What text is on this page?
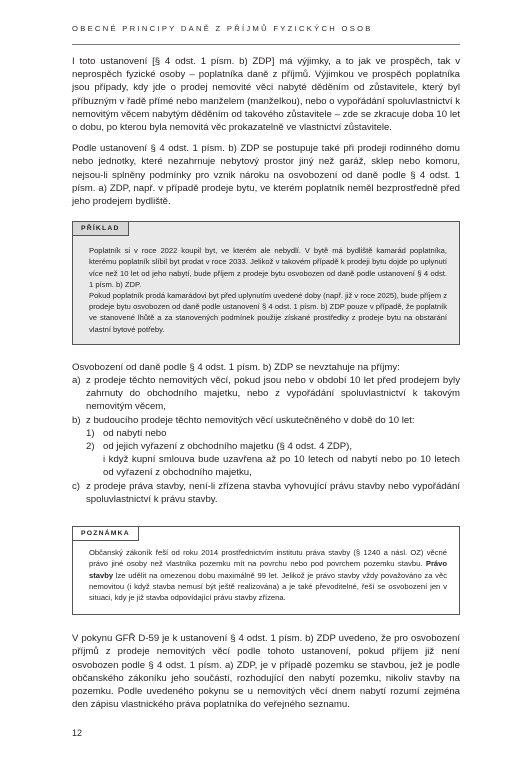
OBECNÉ PRINCIPY DANĚ Z PŘÍJMŮ FYZICKÝCH OSOB

I toto ustanovení [§ 4 odst. 1 písm. b) ZDP] má výjimky, a to jak ve prospěch, tak v neprospěch fyzické osoby – poplatníka daně z příjmů. Výjimkou ve prospěch poplatníka jsou případy, kdy jde o prodej nemovité věci nabyté děděním od zůstavitele, který byl příbuzným v řadě přímé nebo manželem (manželkou), nebo o vypořádání spoluvlastnictví k nemovitým věcem nabytým děděním od takového zůstavitele – zde se zkracuje doba 10 let o dobu, po kterou byla nemovitá věc prokazatelně ve vlastnictví zůstavitele.

Podle ustanovení § 4 odst. 1 písm. b) ZDP se postupuje také při prodeji rodinného domu nebo jednotky, které nezahrnuje nebytový prostor jiný než garáž, sklep nebo komoru, nejsou-li splněny podmínky pro vznik nároku na osvobození od daně podle § 4 odst. 1 písm. a) ZDP, např. v případě prodeje bytu, ve kterém poplatník neměl bezprostředně před jeho prodejem bydliště.

PŘÍKLAD

Poplatník si v roce 2022 koupil byt, ve kterém ale nebydlí. V bytě má bydliště kamarád poplatníka, kterému poplatník slíbil byt prodat v roce 2033. Jelikož v takovém případě k prodeji bytu dojde po uplynutí více než 10 let od jeho nabytí, bude příjem z prodeje bytu osvobozen od daně podle ustanovení § 4 odst. 1 písm. b) ZDP.

Pokud poplatník prodá kamarádovi byt před uplynutím uvedené doby (např. již v roce 2025), bude příjem z prodeje bytu osvobozen od daně podle ustanovení § 4 odst. 1 písm. b) ZDP pouze v případě, že poplatník ve stanovené lhůtě a za stanovených podmínek použije získané prostředky z prodeje bytu na obstarání vlastní bytové potřeby.

Osvobození od daně podle § 4 odst. 1 písm. b) ZDP se nevztahuje na příjmy:

a) z prodeje těchto nemovitých věcí, pokud jsou nebo v období 10 let před prodejem byly zahrnuty do obchodního majetku, nebo z vypořádání spoluvlastnictví k takovým nemovitým věcem,
b) z budoucího prodeje těchto nemovitých věcí uskutečněného v době do 10 let:
1) od nabytí nebo
2) od jejich vyřazení z obchodního majetku (§ 4 odst. 4 ZDP),
i když kupní smlouva bude uzavřena až po 10 letech od nabytí nebo po 10 letech od vyřazení z obchodního majetku,
c) z prodeje práva stavby, není-li zřízena stavba vyhovující právu stavby nebo vypořádání spoluvlastnictví k právu stavby.
POZNÁMKA

Občanský zákoník řeší od roku 2014 prostřednictvím institutu práva stavby (§ 1240 a násl. OZ) věcné právo jiné osoby než vlastníka pozemku mít na povrchu nebo pod povrchem pozemku stavbu. Právo stavby lze udělit na omezenou dobu maximálně 99 let. Jelikož je právo stavby vždy považováno za věc nemovitou (i když stavba nemusí být ještě realizována) a je také převoditelné, řeší se osvobození jen v situaci, kdy je již stavba odpovídající právu stavby zřízena.

V pokynu GFŘ D-59 je k ustanovení § 4 odst. 1 písm. b) ZDP uvedeno, že pro osvobození příjmů z prodeje nemovitých věcí podle tohoto ustanovení, pokud příjem již není osvobozen podle § 4 odst. 1 písm. a) ZDP, je v případě pozemku se stavbou, jež je podle občanského zákoníku jeho součástí, rozhodující den nabytí pozemku, nikoliv stavby na pozemku. Podle uvedeného pokynu se u nemovitých věcí dnem nabytí rozumí zejména den zápisu vlastnického práva poplatníka do veřejného seznamu.

12
